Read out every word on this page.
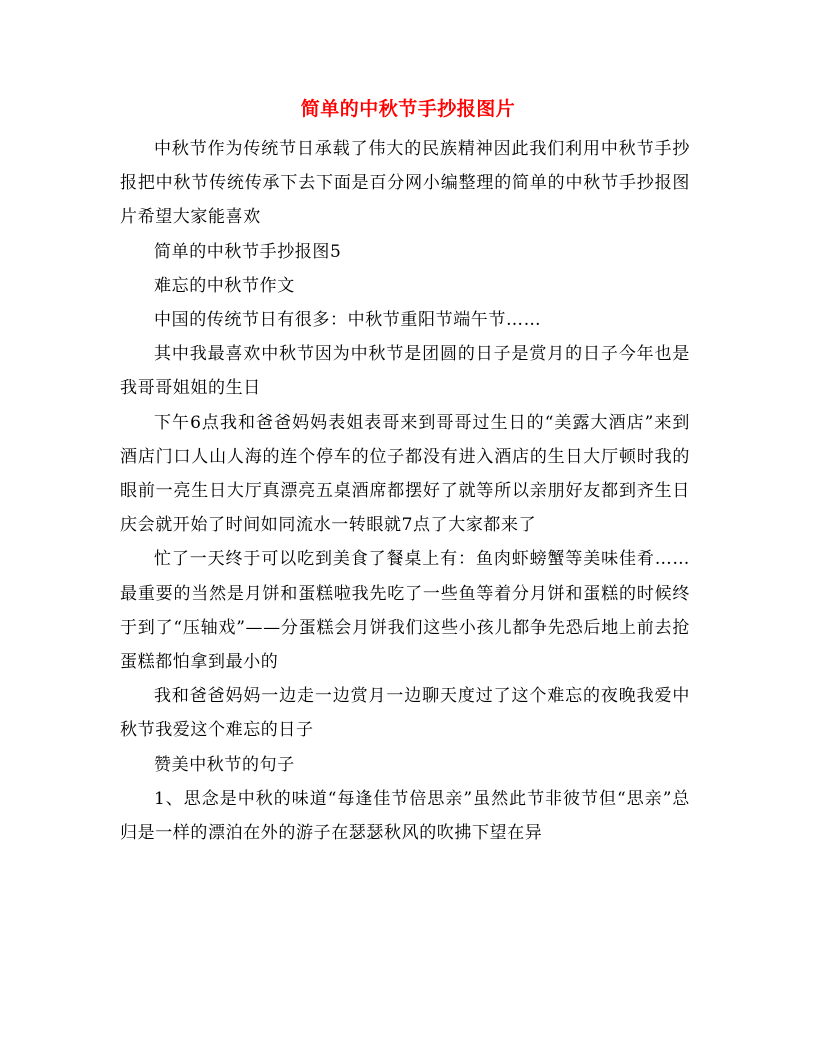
简单的中秋节手抄报图片

中秋节作为传统节日承载了伟大的民族精神因此我们利用中秋节手抄报把中秋节传统传承下去下面是百分网小编整理的简单的中秋节手抄报图片希望大家能喜欢

简单的中秋节手抄报图5

难忘的中秋节作文

中国的传统节日有很多：中秋节重阳节端午节……

其中我最喜欢中秋节因为中秋节是团圆的日子是赏月的日子今年也是我哥哥姐姐的生日

下午6点我和爸爸妈妈表姐表哥来到哥哥过生日的“美露大酒店”来到酒店门口人山人海的连个停车的位子都没有进入酒店的生日大厅顿时我的眼前一亮生日大厅真漂亮五桌酒席都摆好了就等所以亲朋好友都到齐生日庆会就开始了时间如同流水一转眼就7点了大家都来了

忙了一天终于可以吃到美食了餐桌上有：鱼肉虾螃蟹等美味佳肴……最重要的当然是月饼和蛋糕啦我先吃了一些鱼等着分月饼和蛋糕的时候终于到了“压轴戏”——分蛋糕会月饼我们这些小孩儿都争先恐后地上前去抢蛋糕都怕拿到最小的

我和爸爸妈妈一边走一边赏月一边聊天度过了这个难忘的夜晚我爱中秋节我爱这个难忘的日子

赞美中秋节的句子

1、思念是中秋的味道“每逢佳节倍思亲”虽然此节非彼节但“思亲”总归是一样的漂泊在外的游子在瑟瑟秋风的吹拂下望在异
